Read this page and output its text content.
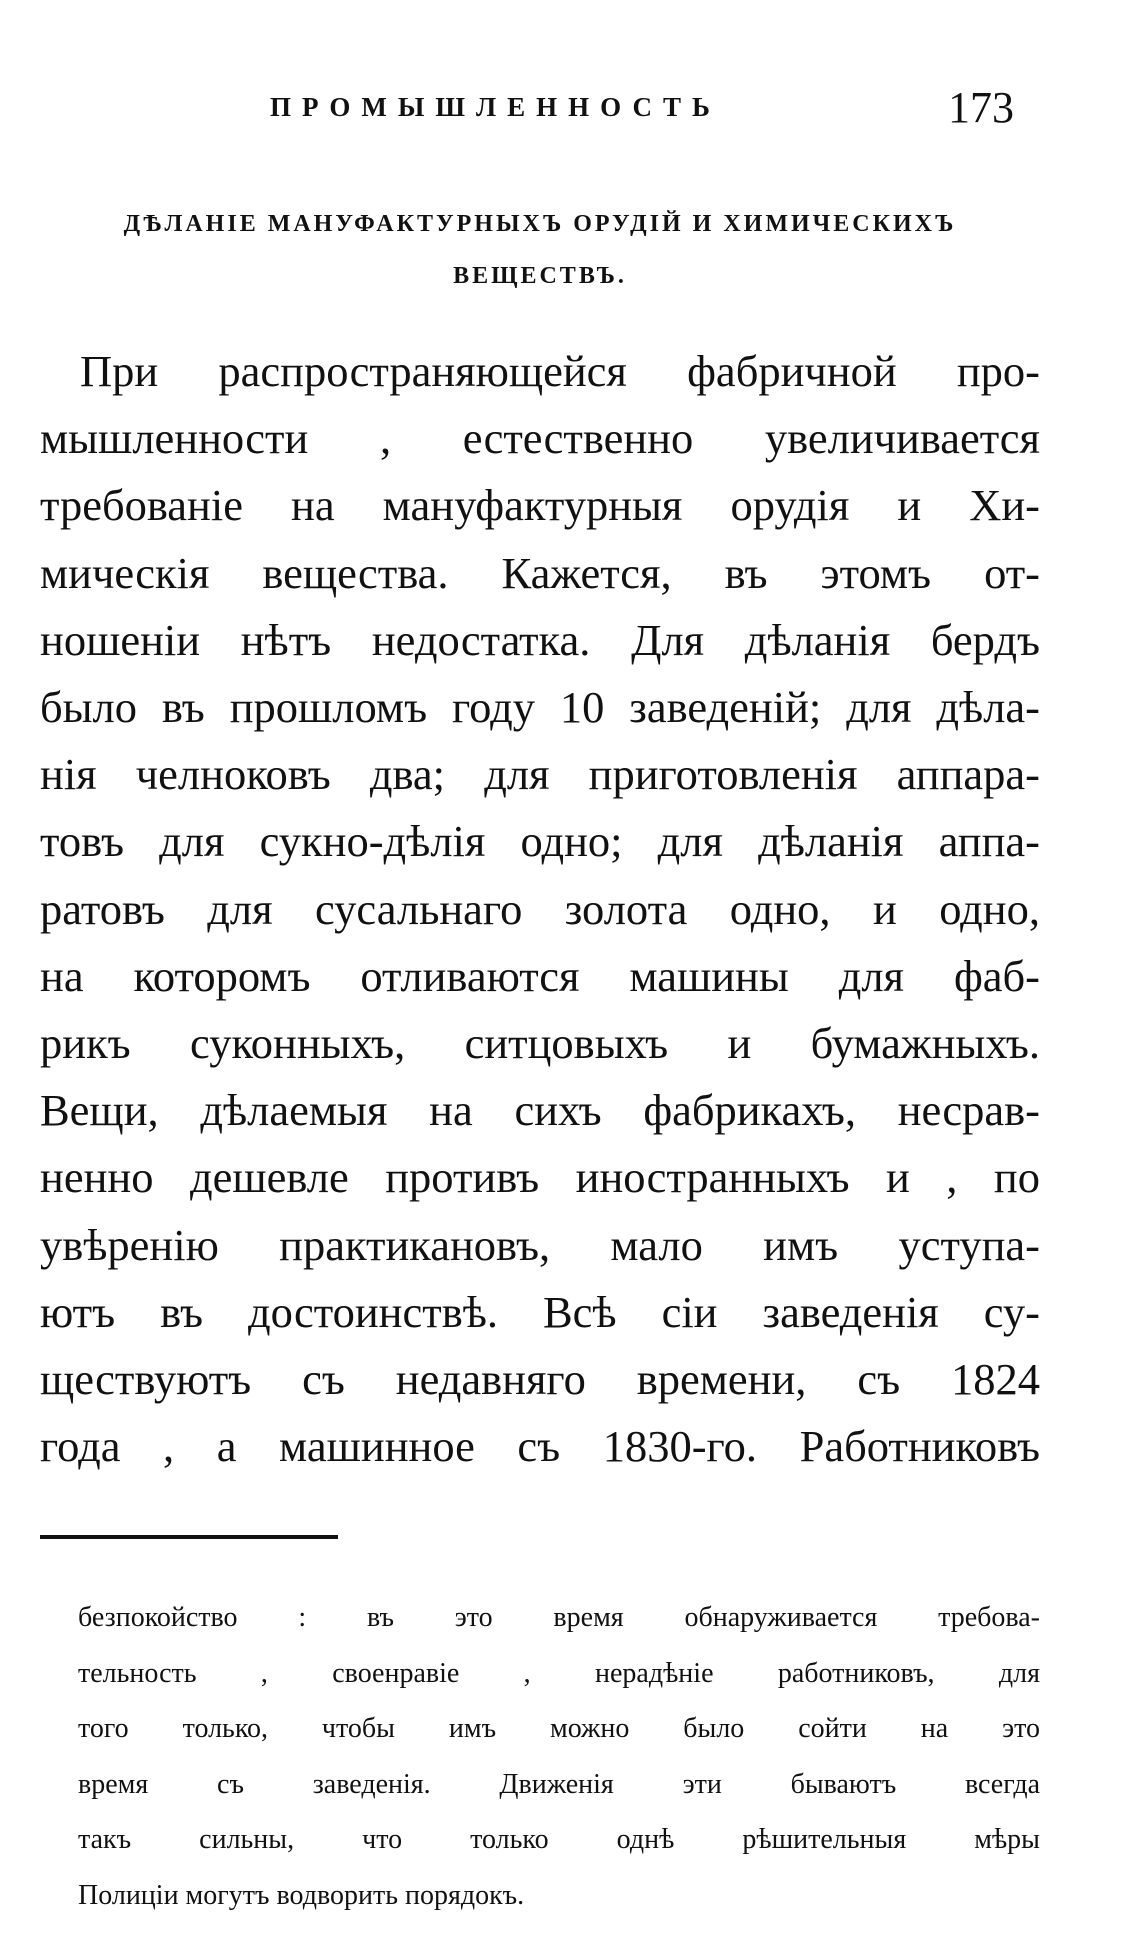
ПРОМЫШЛЕННОСТЬ	173
ДѢЛАНІЕ МАНУФАКТУРНЫХЪ ОРУДІЙ И ХИМИЧЕСКИХЪ
ВЕЩЕСТВЪ.
При распространяющейся фабричной про-
мышленности , естественно увеличивается
требованіе на мануфактурныя орудія и Хи-
мическія вещества. Кажется, въ этомъ от-
ношеніи нѣтъ недостатка. Для дѣланія бердъ
было въ прошломъ году 10 заведеній; для дѣла-
нія челноковъ два; для приготовленія аппара-
товъ для сукно-дѣлія одно; для дѣланія аппа-
ратовъ для сусальнаго золота одно, и одно,
на которомъ отливаются машины для фаб-
рикъ суконныхъ, ситцовыхъ и бумажныхъ.
Вещи, дѣлаемыя на сихъ фабрикахъ, несрав-
ненно дешевле противъ иностранныхъ и , по
увѣренію практикановъ, мало имъ уступа-
ютъ въ достоинствѣ. Всѣ сіи заведенія су-
ществуютъ съ недавняго времени, съ 1824
года , а машинное съ 1830-го. Работниковъ
безпокойство : въ это время обнаруживается требова-
тельность , своенравіе , нерадѣніе работниковъ, для
того только, чтобы имъ можно было сойти на это
время съ заведенія. Движенія эти бываютъ всегда
такъ сильны, что только однѣ рѣшительныя мѣры
Полиціи могутъ водворить порядокъ.
